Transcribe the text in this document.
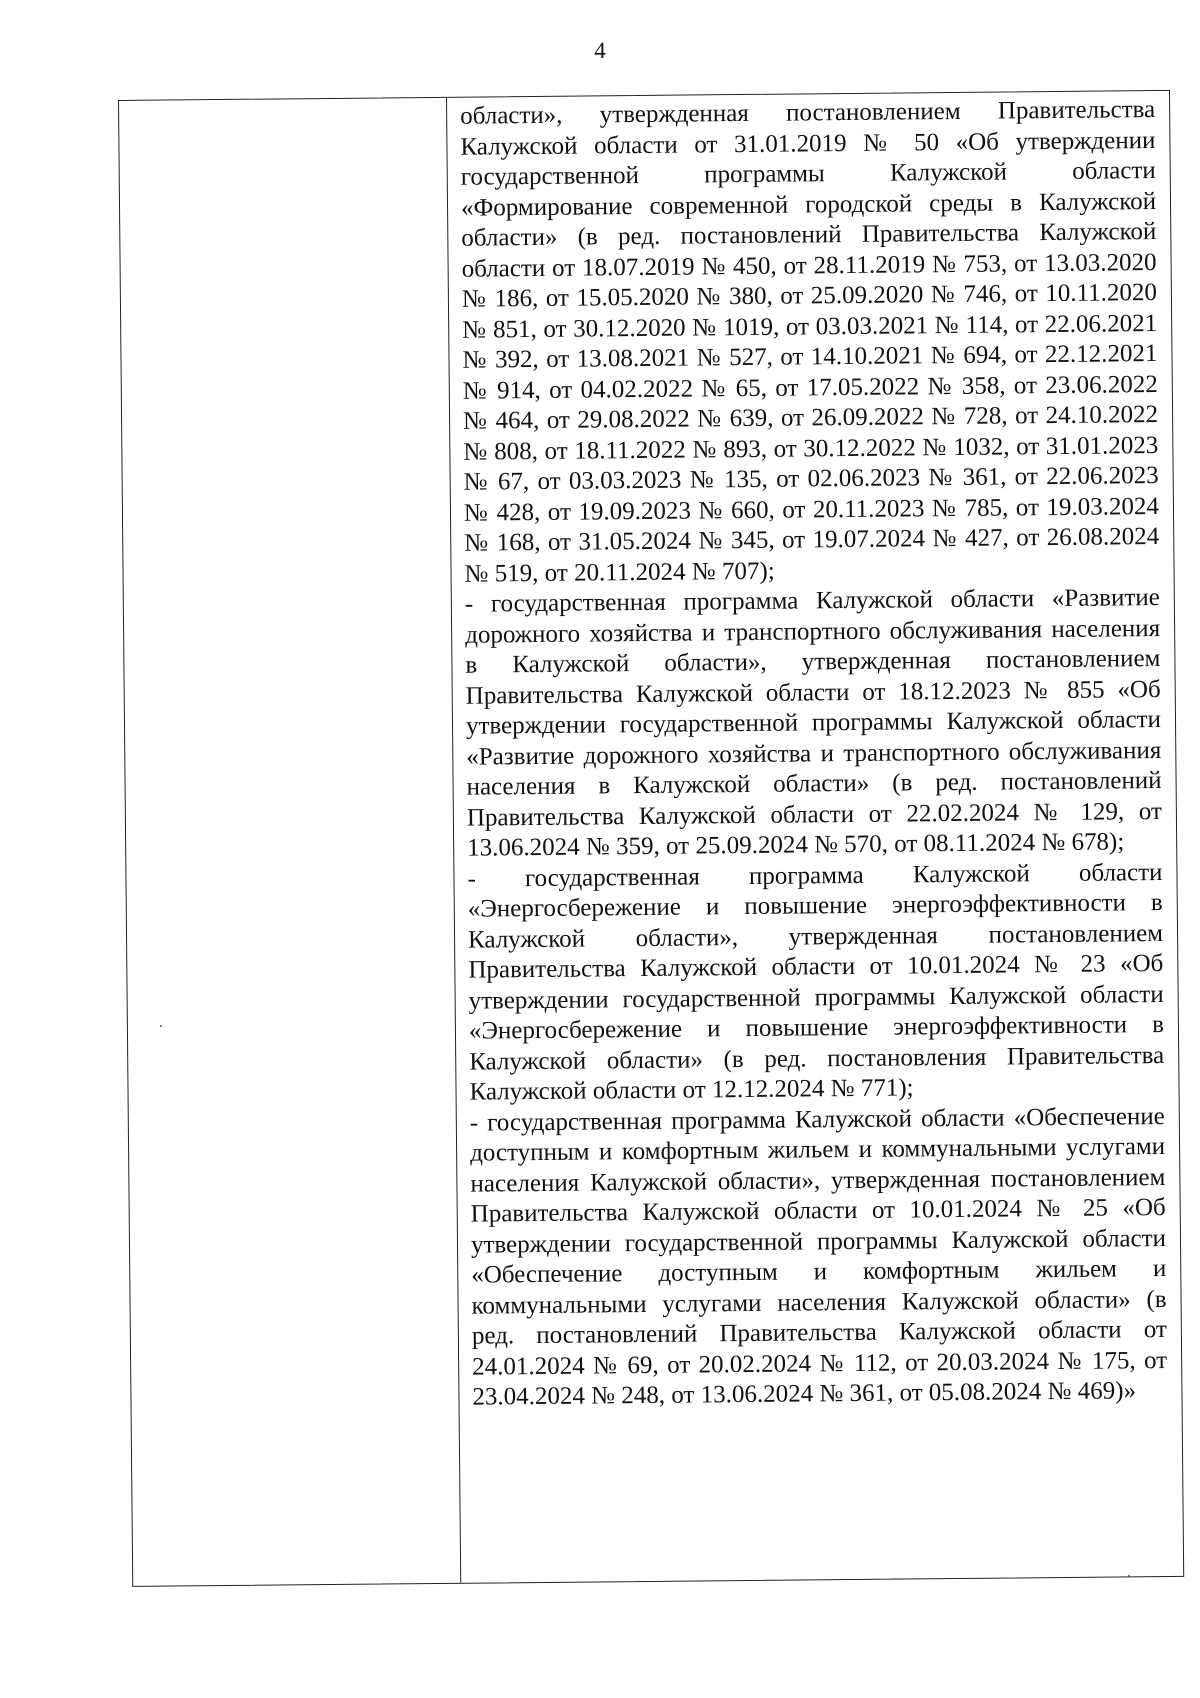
4

области», утвержденная постановлением Правительства Калужской области от 31.01.2019 № 50 «Об утверждении государственной программы Калужской области «Формирование современной городской среды в Калужской области» (в ред. постановлений Правительства Калужской области от 18.07.2019 № 450, от 28.11.2019 № 753, от 13.03.2020 № 186, от 15.05.2020 № 380, от 25.09.2020 № 746, от 10.11.2020 № 851, от 30.12.2020 № 1019, от 03.03.2021 № 114, от 22.06.2021 № 392, от 13.08.2021 № 527, от 14.10.2021 № 694, от 22.12.2021 № 914, от 04.02.2022 № 65, от 17.05.2022 № 358, от 23.06.2022 № 464, от 29.08.2022 № 639, от 26.09.2022 № 728, от 24.10.2022 № 808, от 18.11.2022 № 893, от 30.12.2022 № 1032, от 31.01.2023 № 67, от 03.03.2023 № 135, от 02.06.2023 № 361, от 22.06.2023 № 428, от 19.09.2023 № 660, от 20.11.2023 № 785, от 19.03.2024 № 168, от 31.05.2024 № 345, от 19.07.2024 № 427, от 26.08.2024 № 519, от 20.11.2024 № 707);

- государственная программа Калужской области «Развитие дорожного хозяйства и транспортного обслуживания населения в Калужской области», утвержденная постановлением Правительства Калужской области от 18.12.2023 № 855 «Об утверждении государственной программы Калужской области «Развитие дорожного хозяйства и транспортного обслуживания населения в Калужской области» (в ред. постановлений Правительства Калужской области от 22.02.2024 № 129, от 13.06.2024 № 359, от 25.09.2024 № 570, от 08.11.2024 № 678);

- государственная программа Калужской области «Энергосбережение и повышение энергоэффективности в Калужской области», утвержденная постановлением Правительства Калужской области от 10.01.2024 № 23 «Об утверждении государственной программы Калужской области «Энергосбережение и повышение энергоэффективности в Калужской области» (в ред. постановления Правительства Калужской области от 12.12.2024 № 771);

- государственная программа Калужской области «Обеспечение доступным и комфортным жильем и коммунальными услугами населения Калужской области», утвержденная постановлением Правительства Калужской области от 10.01.2024 № 25 «Об утверждении государственной программы Калужской области «Обеспечение доступным и комфортным жильем и коммунальными услугами населения Калужской области» (в ред. постановлений Правительства Калужской области от 24.01.2024 № 69, от 20.02.2024 № 112, от 20.03.2024 № 175, от 23.04.2024 № 248, от 13.06.2024 № 361, от 05.08.2024 № 469)»
